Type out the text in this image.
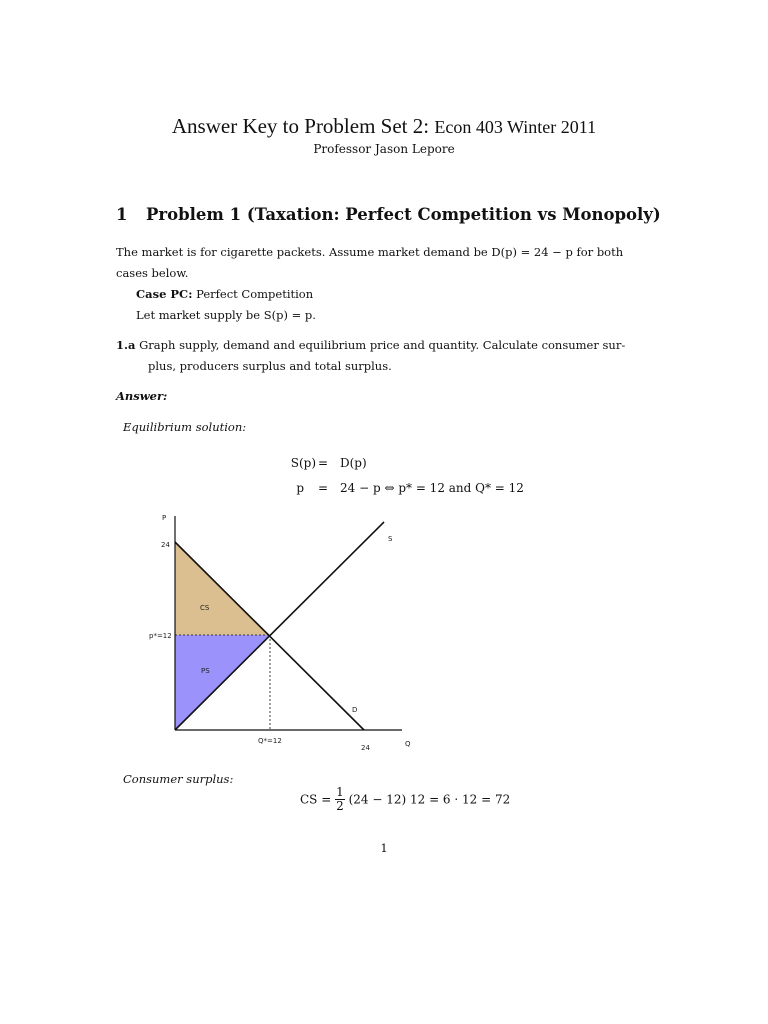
Answer Key to Problem Set 2: Econ 403 Winter 2011
Professor Jason Lepore
1 Problem 1 (Taxation: Perfect Competition vs Monopoly)
The market is for cigarette packets. Assume market demand be D(p) = 24 − p for both
cases below.
Case PC: Perfect Competition
Let market supply be S(p) = p.
1.a Graph supply, demand and equilibrium price and quantity. Calculate consumer sur-
plus, producers surplus and total surplus.
Answer:
Equilibrium solution:
S(p) = D(p)
p = 24 − p ⇔ p* = 12 and Q* = 12
P
24
p*=12
Q*=12
24	Q
S
D
CS
PS
Consumer surplus:
CS = $\frac{1}{2} (24 - 12) 12 = 6 \cdot 12 = 72$
1
